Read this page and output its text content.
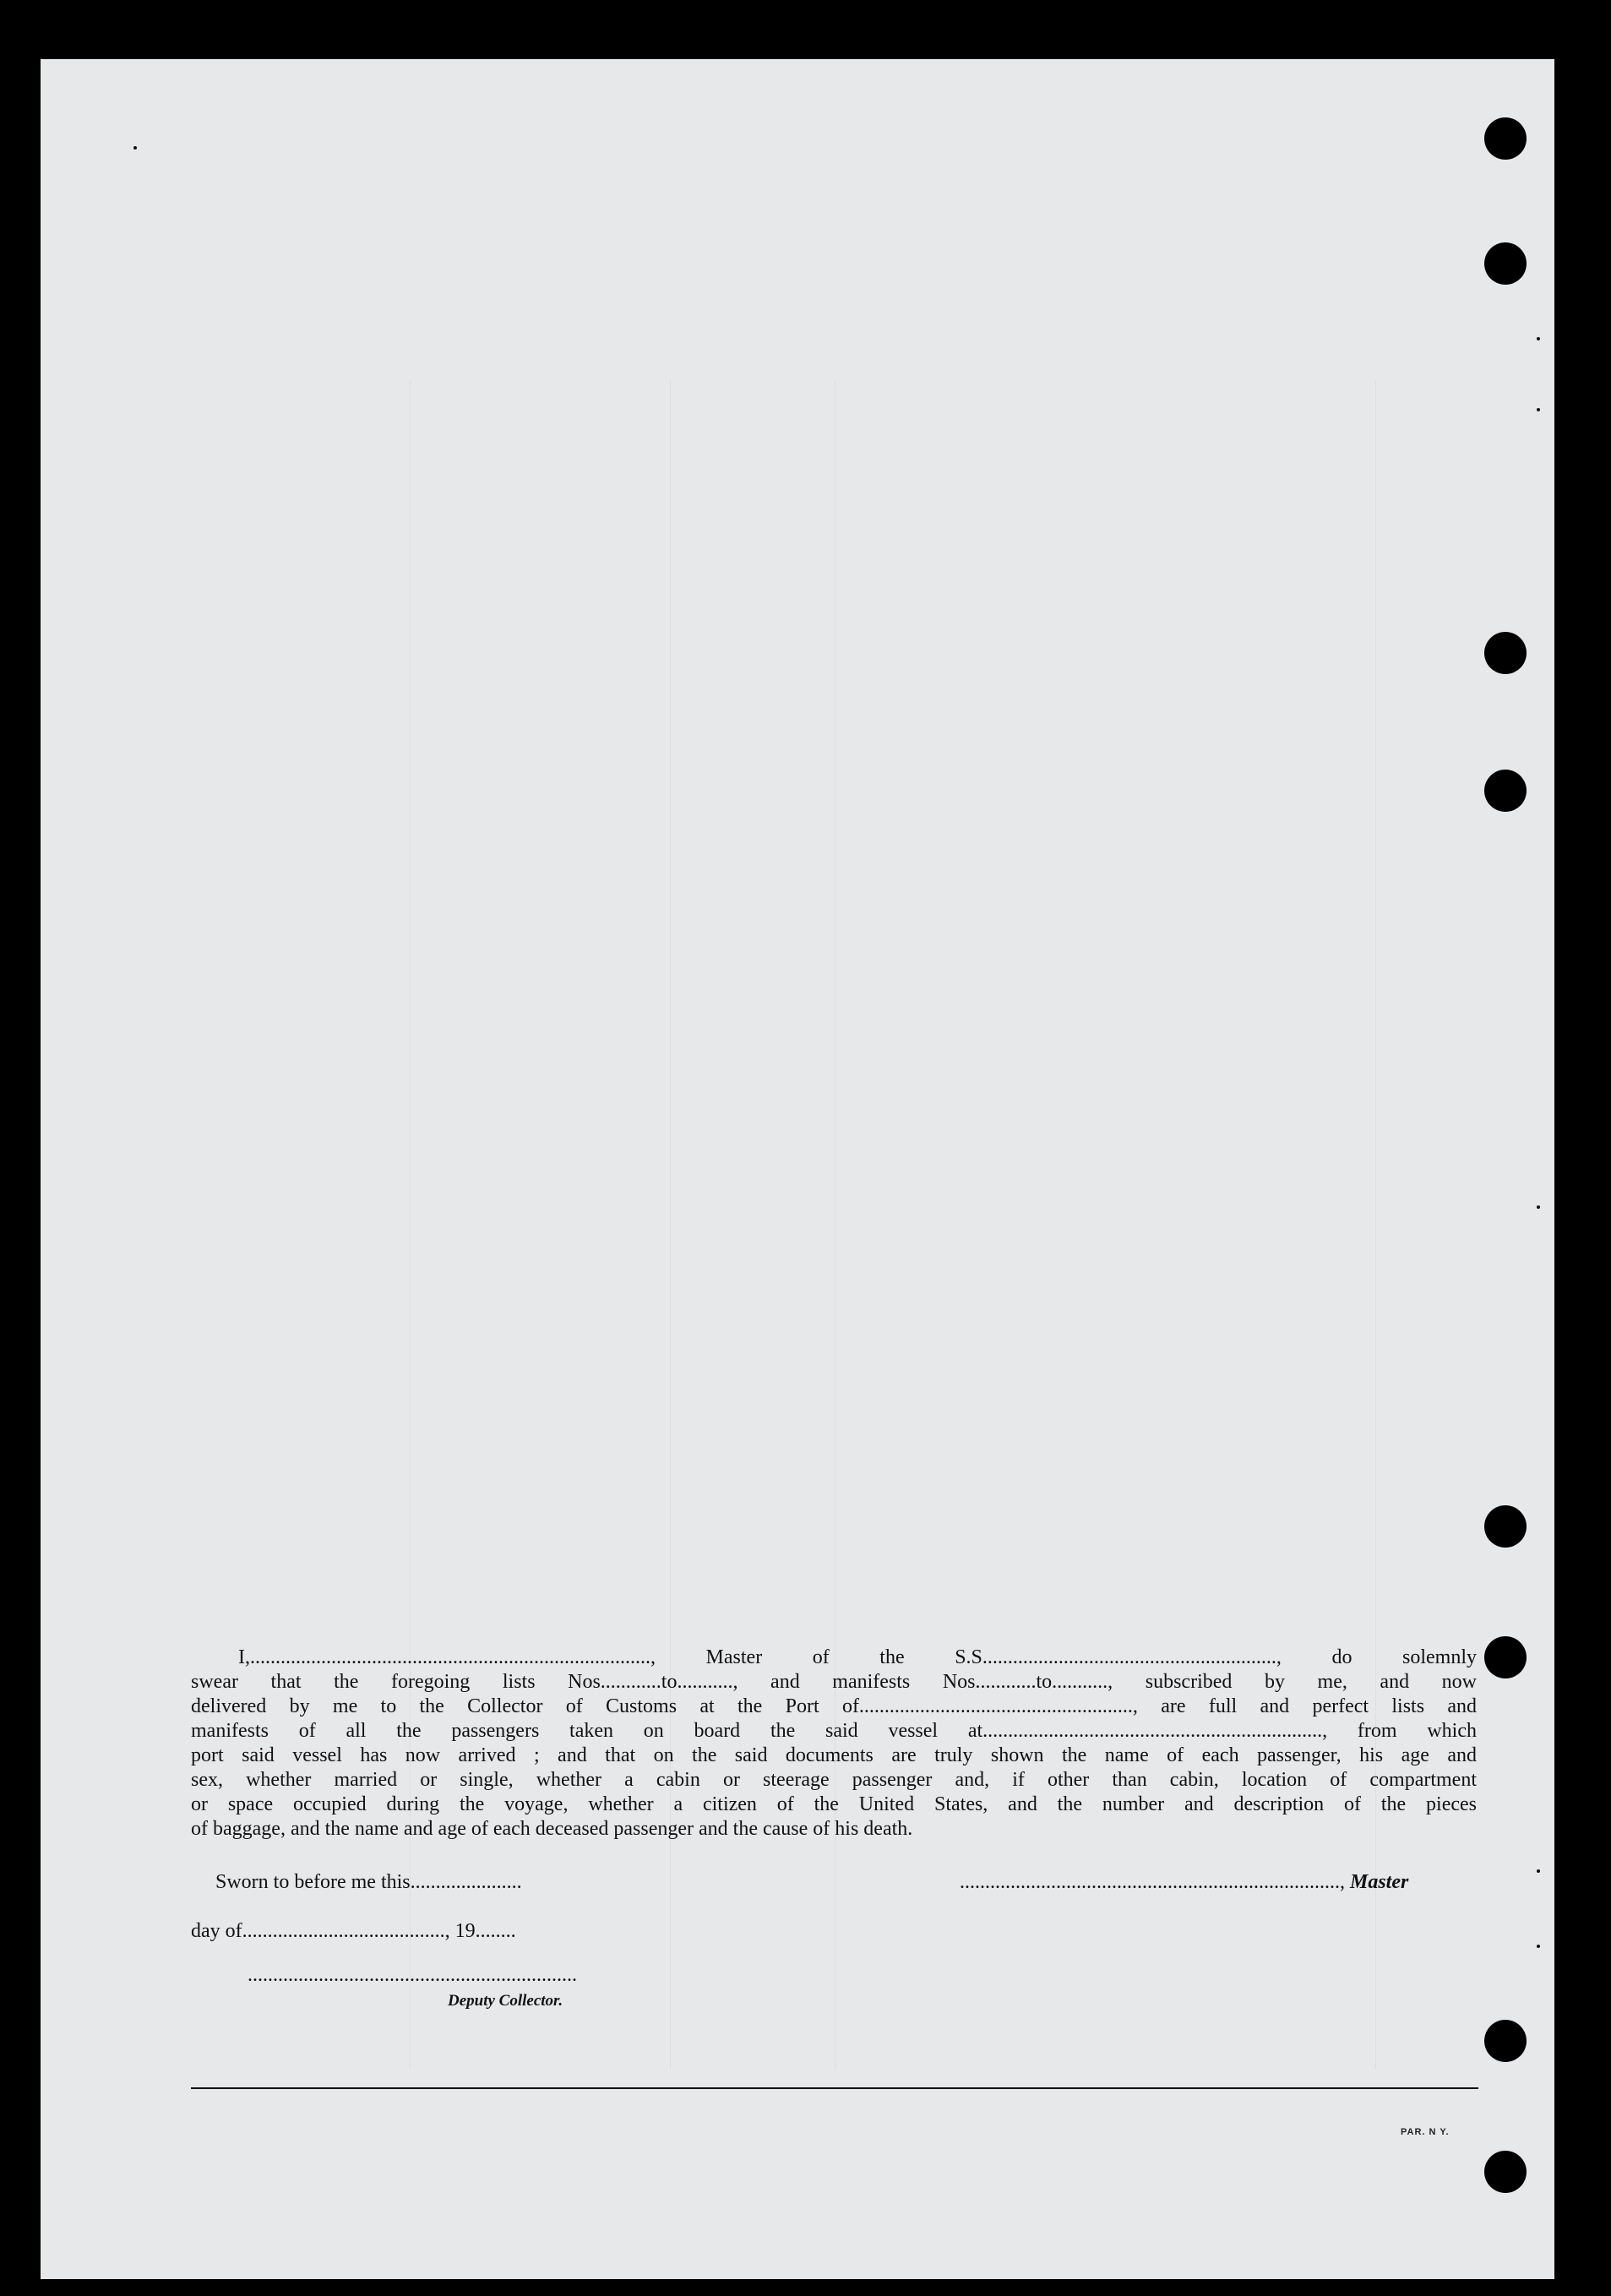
⠀
I,..............................................................................., Master of the S.S.........................................................., do solemnly
swear that the foregoing lists Nos............to..........., and manifests Nos............to..........., subscribed by me, and now
delivered by me to the Collector of Customs at the Port of......................................................, are full and perfect lists and
manifests of all the passengers taken on board the said vessel at..................................................................., from which
port said vessel has now arrived ; and that on the said documents are truly shown the name of each passenger, his age and
sex, whether married or single, whether a cabin or steerage passenger and, if other than cabin, location of compartment
or space occupied during the voyage, whether a citizen of the United States, and the number and description of the pieces
of baggage, and the name and age of each deceased passenger and the cause of his death.
Sworn to before me this......................	..........................................................................., Master
day of........................................, 19........
.................................................................
Deputy Collector.
PAR. N Y.
